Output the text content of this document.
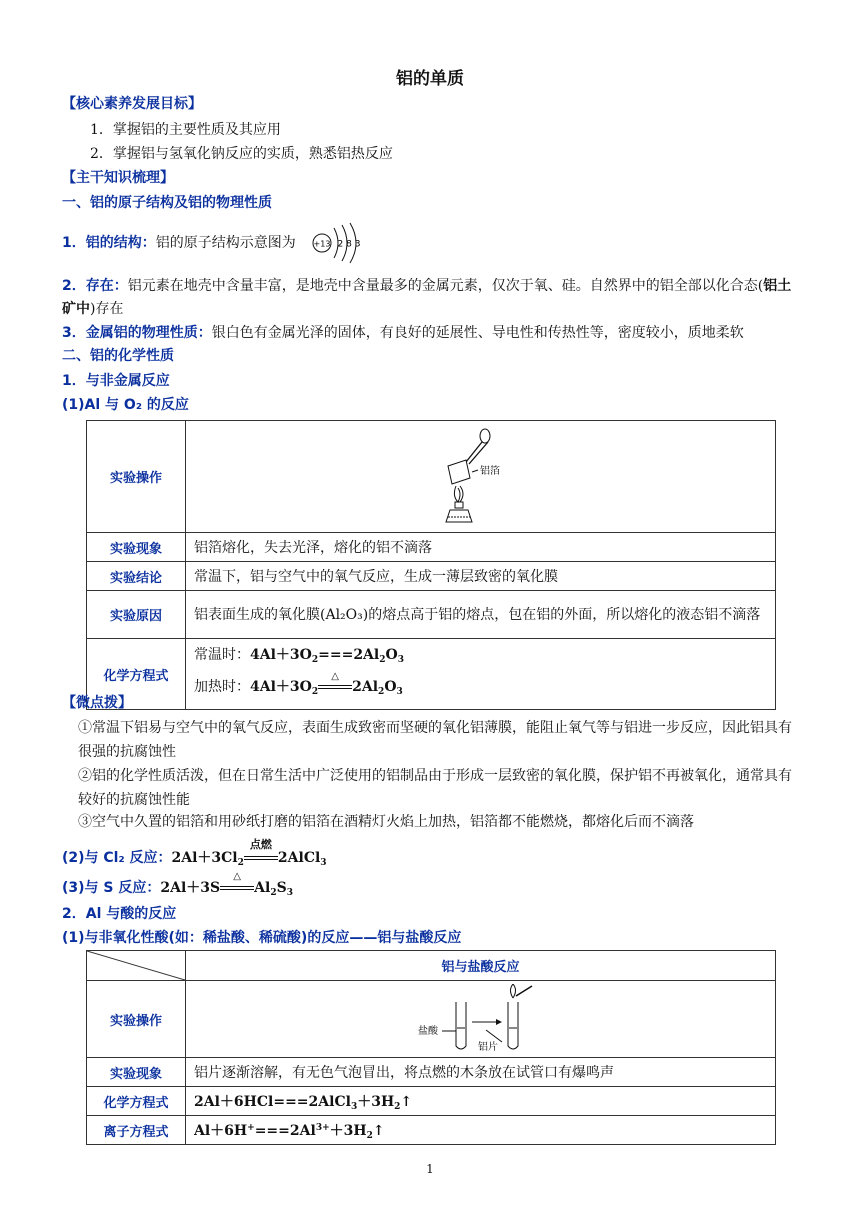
铝的单质
【核心素养发展目标】
1．掌握铝的主要性质及其应用
2．掌握铝与氢氧化钠反应的实质，熟悉铝热反应
【主干知识梳理】
一、铝的原子结构及铝的物理性质
1．铝的结构：铝的原子结构示意图为 +13 2 8 3
2．存在：铝元素在地壳中含量丰富，是地壳中含量最多的金属元素，仅次于氧、硅。自然界中的铝全部以化合态(铝土矿中)存在
3．金属铝的物理性质：银白色有金属光泽的固体，有良好的延展性、导电性和传热性等，密度较小，质地柔软
二、铝的化学性质
1．与非金属反应
(1)Al 与 O₂ 的反应
实验操作	铝箔

实验现象	铝箔熔化，失去光泽，熔化的铝不滴落
实验结论	常温下，铝与空气中的氧气反应，生成一薄层致密的氧化膜
实验原因	铝表面生成的氧化膜(Al₂O₃)的熔点高于铝的熔点，包在铝的外面，所以熔化的液态铝不滴落
化学方程式	常温时：$4Al+3O_2===2Al_2O_3$
加热时：$4Al+3O_2$
△
$2Al_2O_3$
【微点拨】
①常温下铝易与空气中的氧气反应，表面生成致密而坚硬的氧化铝薄膜，能阻止氧气等与铝进一步反应，因此铝具有很强的抗腐蚀性
②铝的化学性质活泼，但在日常生活中广泛使用的铝制品由于形成一层致密的氧化膜，保护铝不再被氧化，通常具有较好的抗腐蚀性能
③空气中久置的铝箔和用砂纸打磨的铝箔在酒精灯火焰上加热，铝箔都不能燃烧，都熔化后而不滴落
(2)与 Cl₂ 反应：$2Al+3Cl_2$
点燃
2AlCl$_3$
(3)与 S 反应：2Al＋3S
△
$Al_2S_3$
2．Al 与酸的反应
(1)与非氧化性酸(如：稀盐酸、稀硫酸)的反应——铝与盐酸反应
	铝与盐酸反应
实验操作	盐酸
铝片

实验现象	铝片逐渐溶解，有无色气泡冒出，将点燃的木条放在试管口有爆鸣声
化学方程式	$2Al+6HCl===2AlCl_3+3H_2↑$
离子方程式	$Al+6H^+===2Al^{3+}+3H_2↑$
1
